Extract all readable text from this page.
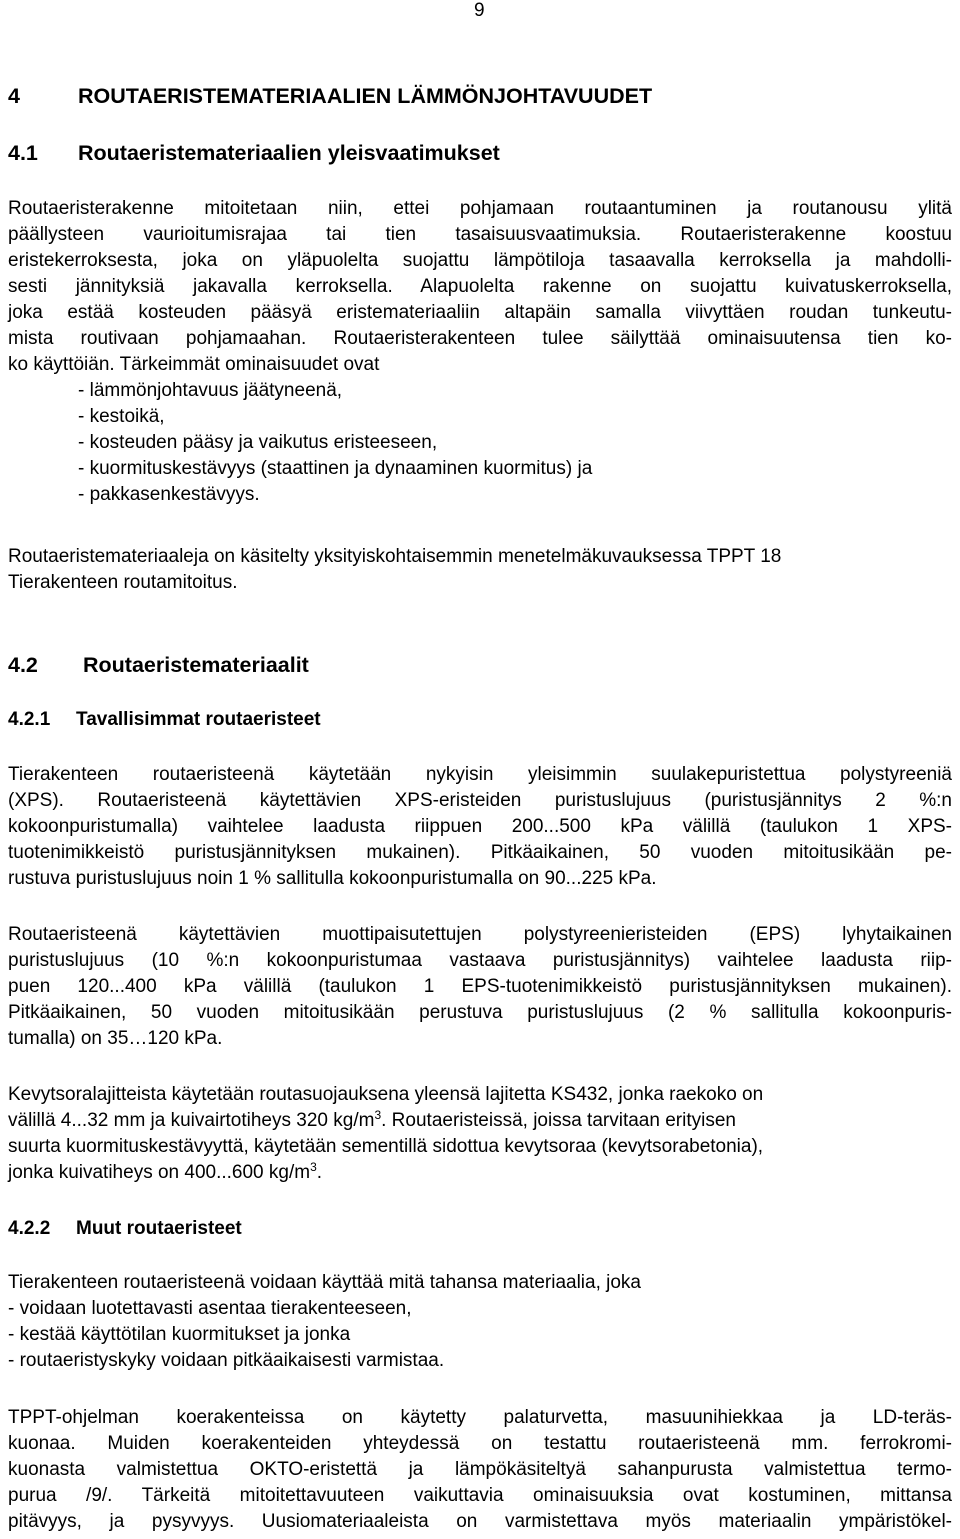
9
4	ROUTAERISTEMATERIAALIEN LÄMMÖNJOHTAVUUDET
4.1 Routaeristemateriaalien yleisvaatimukset
Routaeristerakenne mitoitetaan niin, ettei pohjamaan routaantuminen ja routanousu ylitä
päällysteen vaurioitumisrajaa tai tien tasaisuusvaatimuksia. Routaeristerakenne koostuu
eristekerroksesta, joka on yläpuolelta suojattu lämpötiloja tasaavalla kerroksella ja mahdolli-
sesti jännityksiä jakavalla kerroksella. Alapuolelta rakenne on suojattu kuivatuskerroksella,
joka estää kosteuden pääsyä eristemateriaaliin altapäin samalla viivyttäen roudan tunkeutu-
mista routivaan pohjamaahan. Routaeristerakenteen tulee säilyttää ominaisuutensa tien ko-
ko käyttöiän. Tärkeimmät ominaisuudet ovat
- lämmönjohtavuus jäätyneenä,
- kestoikä,
- kosteuden pääsy ja vaikutus eristeeseen,
- kuormituskestävyys (staattinen ja dynaaminen kuormitus) ja
- pakkasenkestävyys.
Routaeristemateriaaleja on käsitelty yksityiskohtaisemmin menetelmäkuvauksessa TPPT 18
Tierakenteen routamitoitus.
4.2 Routaeristemateriaalit
4.2.1 Tavallisimmat routaeristeet
Tierakenteen routaeristeenä käytetään nykyisin yleisimmin suulakepuristettua polystyreeniä
(XPS). Routaeristeenä käytettävien XPS-eristeiden puristuslujuus (puristusjännitys 2 %:n
kokoonpuristumalla) vaihtelee laadusta riippuen 200...500 kPa välillä (taulukon 1 XPS-
tuotenimikkeistö puristusjännityksen mukainen). Pitkäaikainen, 50 vuoden mitoitusikään pe-
rustuva puristuslujuus noin 1 % sallitulla kokoonpuristumalla on 90...225 kPa.
Routaeristeenä käytettävien muottipaisutettujen polystyreenieristeiden (EPS) lyhytaikainen
puristuslujuus (10 %:n kokoonpuristumaa vastaava puristusjännitys) vaihtelee laadusta riip-
puen 120...400 kPa välillä (taulukon 1 EPS-tuotenimikkeistö puristusjännityksen mukainen).
Pitkäaikainen, 50 vuoden mitoitusikään perustuva puristuslujuus (2 % sallitulla kokoonpuris-
tumalla) on 35…120 kPa.
Kevytsoralajitteista käytetään routasuojauksena yleensä lajitetta KS432, jonka raekoko on
välillä 4...32 mm ja kuivairtotiheys 320 $kg/m^3$. Routaeristeissä, joissa tarvitaan erityisen
suurta kuormituskestävyyttä, käytetään sementillä sidottua kevytsoraa (kevytsorabetonia),
jonka kuivatiheys on 400...600 $kg/m^3$.
4.2.2 Muut routaeristeet
Tierakenteen routaeristeenä voidaan käyttää mitä tahansa materiaalia, joka
- voidaan luotettavasti asentaa tierakenteeseen,
- kestää käyttötilan kuormitukset ja jonka
- routaeristyskyky voidaan pitkäaikaisesti varmistaa.
TPPT-ohjelman koerakenteissa on käytetty palaturvetta, masuunihiekkaa ja LD-teräs-
kuonaa. Muiden koerakenteiden yhteydessä on testattu routaeristeenä mm. ferrokromi-
kuonasta valmistettua OKTO-eristettä ja lämpökäsiteltyä sahanpurusta valmistettua termo-
purua /9/. Tärkeitä mitoitettavuuteen vaikuttavia ominaisuuksia ovat kostuminen, mittansa
pitävyys, ja pysyvyys. Uusiomateriaaleista on varmistettava myös materiaalin ympäristökel-
